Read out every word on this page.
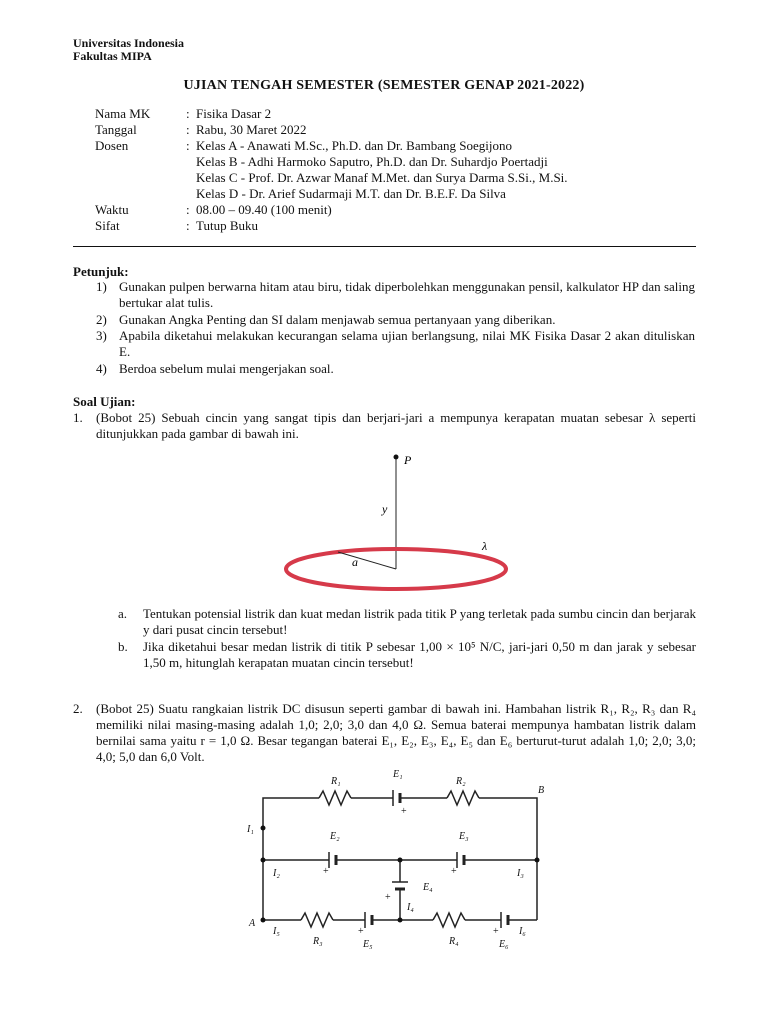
Universitas Indonesia
Fakultas MIPA
UJIAN TENGAH SEMESTER (SEMESTER GENAP 2021-2022)
Nama MK	: Fisika Dasar 2
Tanggal	: Rabu, 30 Maret 2022
Dosen	: Kelas A - Anawati M.Sc., Ph.D. dan Dr. Bambang Soegijono
Kelas B - Adhi Harmoko Saputro, Ph.D. dan Dr. Suhardjo Poertadji
Kelas C - Prof. Dr. Azwar Manaf M.Met. dan Surya Darma S.Si., M.Si.
Kelas D - Dr. Arief Sudarmaji M.T. dan Dr. B.E.F. Da Silva
Waktu	: 08.00 – 09.40 (100 menit)
Sifat	: Tutup Buku
Petunjuk:
1) Gunakan pulpen berwarna hitam atau biru, tidak diperbolehkan menggunakan pensil, kalkulator HP dan saling bertukar alat tulis.
2) Gunakan Angka Penting dan SI dalam menjawab semua pertanyaan yang diberikan.
3) Apabila diketahui melakukan kecurangan selama ujian berlangsung, nilai MK Fisika Dasar 2 akan dituliskan E.
4) Berdoa sebelum mulai mengerjakan soal.
Soal Ujian:
1. (Bobot 25) Sebuah cincin yang sangat tipis dan berjari-jari a mempunya kerapatan muatan sebesar λ seperti ditunjukkan pada gambar di bawah ini.
P
y
a
λ
a. Tentukan potensial listrik dan kuat medan listrik pada titik P yang terletak pada sumbu cincin dan berjarak y dari pusat cincin tersebut!
b. Jika diketahui besar medan listrik di titik P sebesar 1,00 × 10⁵ N/C, jari-jari 0,50 m dan jarak y sebesar 1,50 m, hitunglah kerapatan muatan cincin tersebut!
2. (Bobot 25) Suatu rangkaian listrik DC disusun seperti gambar di bawah ini. Hambahan listrik R₁, R₂, R₃ dan R₄ memiliki nilai masing-masing adalah 1,0; 2,0; 3,0 dan 4,0 Ω. Semua baterai mempunya hambatan listrik dalam bernilai sama yaitu r = 1,0 Ω. Besar tegangan baterai E₁, E₂, E₃, E₄, E₅ dan E₆ berturut-turut adalah 1,0; 2,0; 3,0; 4,0; 5,0 dan 6,0 Volt.
R₁
E₁
R₂
B
I₁
E₂	E₃
I₂	I₃
E₄
I₄
A
I₅	I₆
R₃	E₅	R₄	E₆
+
+	+
+
+	+
